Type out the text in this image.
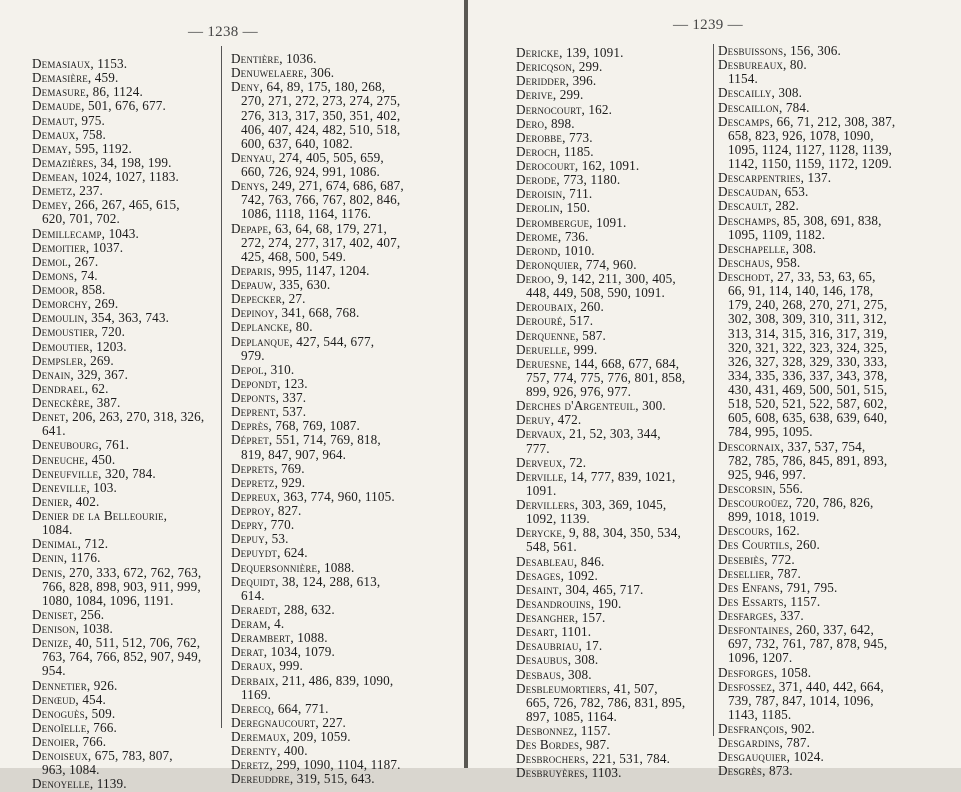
— 1238 —
Demasiaux, 1153.
Demasière, 459.
Demasure, 86, 1124.
Demaude, 501, 676, 677.
Demaut, 975.
Demaux, 758.
Demay, 595, 1192.
Demazières, 34, 198, 199.
Demean, 1024, 1027, 1183.
Demetz, 237.
Demey, 266, 267, 465, 615,
620, 701, 702.
Demillecamp, 1043.
Demoitier, 1037.
Demol, 267.
Demons, 74.
Demoor, 858.
Demorchy, 269.
Demoulin, 354, 363, 743.
Demoustier, 720.
Demoutier, 1203.
Dempsler, 269.
Denain, 329, 367.
Dendrael, 62.
Deneckère, 387.
Denet, 206, 263, 270, 318, 326,
641.
Deneubourg, 761.
Deneuche, 450.
Deneufville, 320, 784.
Deneville, 103.
Denier, 402.
Denier de la Belleourie,
1084.
Denimal, 712.
Denin, 1176.
Denis, 270, 333, 672, 762, 763,
766, 828, 898, 903, 911, 999,
1080, 1084, 1096, 1191.
Deniset, 256.
Denison, 1038.
Denize, 40, 511, 512, 706, 762,
763, 764, 766, 852, 907, 949,
954.
Dennetier, 926.
Denœud, 454.
Denoguès, 509.
Denoïelle, 766.
Denoier, 766.
Denoiseux, 675, 783, 807,
963, 1084.
Denoyelle, 1139.
Dentière, 1036.
Denuwelaere, 306.
Deny, 64, 89, 175, 180, 268,
270, 271, 272, 273, 274, 275,
276, 313, 317, 350, 351, 402,
406, 407, 424, 482, 510, 518,
600, 637, 640, 1082.
Denyau, 274, 405, 505, 659,
660, 726, 924, 991, 1086.
Denys, 249, 271, 674, 686, 687,
742, 763, 766, 767, 802, 846,
1086, 1118, 1164, 1176.
Depape, 63, 64, 68, 179, 271,
272, 274, 277, 317, 402, 407,
425, 468, 500, 549.
Deparis, 995, 1147, 1204.
Depauw, 335, 630.
Depecker, 27.
Depinoy, 341, 668, 768.
Deplancke, 80.
Deplanque, 427, 544, 677,
979.
Depol, 310.
Depondt, 123.
Deponts, 337.
Deprent, 537.
Deprès, 768, 769, 1087.
Dépret, 551, 714, 769, 818,
819, 847, 907, 964.
Deprets, 769.
Depretz, 929.
Depreux, 363, 774, 960, 1105.
Deproy, 827.
Depry, 770.
Depuy, 53.
Depuydt, 624.
Dequersonnière, 1088.
Dequidt, 38, 124, 288, 613,
614.
Deraedt, 288, 632.
Deram, 4.
Derambert, 1088.
Derat, 1034, 1079.
Deraux, 999.
Derbaix, 211, 486, 839, 1090,
1169.
Derecq, 664, 771.
Deregnaucourt, 227.
Deremaux, 209, 1059.
Derenty, 400.
Deretz, 299, 1090, 1104, 1187.
Dereuddre, 319, 515, 643.
— 1239 —
Dericke, 139, 1091.
Dericqson, 299.
Deridder, 396.
Derive, 299.
Dernocourt, 162.
Dero, 898.
Derobbe, 773.
Deroch, 1185.
Derocourt, 162, 1091.
Derode, 773, 1180.
Deroisin, 711.
Derolin, 150.
Derombergue, 1091.
Derome, 736.
Derond, 1010.
Deronquier, 774, 960.
Deroo, 9, 142, 211, 300, 405,
448, 449, 508, 590, 1091.
Deroubaix, 260.
Derouré, 517.
Derquenne, 587.
Deruelle, 999.
Deruesne, 144, 668, 677, 684,
757, 774, 775, 776, 801, 858,
899, 926, 976, 977.
Derches d'Argenteuil, 300.
Deruy, 472.
Dervaux, 21, 52, 303, 344,
777.
Derveux, 72.
Derville, 14, 777, 839, 1021,
1091.
Dervillers, 303, 369, 1045,
1092, 1139.
Derycke, 9, 88, 304, 350, 534,
548, 561.
Desableau, 846.
Desages, 1092.
Desaint, 304, 465, 717.
Desandrouins, 190.
Desangher, 157.
Desart, 1101.
Desaubriau, 17.
Desaubus, 308.
Desbaus, 308.
Desbleumortiers, 41, 507,
665, 726, 782, 786, 831, 895,
897, 1085, 1164.
Desbonnez, 1157.
Des Bordes, 987.
Desbrochers, 221, 531, 784.
Desbruyères, 1103.
Desbuissons, 156, 306.
Desbureaux, 80.
1154.
Descailly, 308.
Descaillon, 784.
Descamps, 66, 71, 212, 308, 387,
658, 823, 926, 1078, 1090,
1095, 1124, 1127, 1128, 1139,
1142, 1150, 1159, 1172, 1209.
Descarpentries, 137.
Descaudan, 653.
Descault, 282.
Deschamps, 85, 308, 691, 838,
1095, 1109, 1182.
Deschapelle, 308.
Deschaus, 958.
Deschodt, 27, 33, 53, 63, 65,
66, 91, 114, 140, 146, 178,
179, 240, 268, 270, 271, 275,
302, 308, 309, 310, 311, 312,
313, 314, 315, 316, 317, 319,
320, 321, 322, 323, 324, 325,
326, 327, 328, 329, 330, 333,
334, 335, 336, 337, 343, 378,
430, 431, 469, 500, 501, 515,
518, 520, 521, 522, 587, 602,
605, 608, 635, 638, 639, 640,
784, 995, 1095.
Descornaix, 337, 537, 754,
782, 785, 786, 845, 891, 893,
925, 946, 997.
Descorsin, 556.
Descouroüez, 720, 786, 826,
899, 1018, 1019.
Descours, 162.
Des Courtils, 260.
Desebiès, 772.
Desellier, 787.
Des Enfans, 791, 795.
Des Essarts, 1157.
Desfarges, 337.
Desfontaines, 260, 337, 642,
697, 732, 761, 787, 878, 945,
1096, 1207.
Desforges, 1058.
Desfossez, 371, 440, 442, 664,
739, 787, 847, 1014, 1096,
1143, 1185.
Desfrançois, 902.
Desgardins, 787.
Desgauquier, 1024.
Desgrès, 873.
